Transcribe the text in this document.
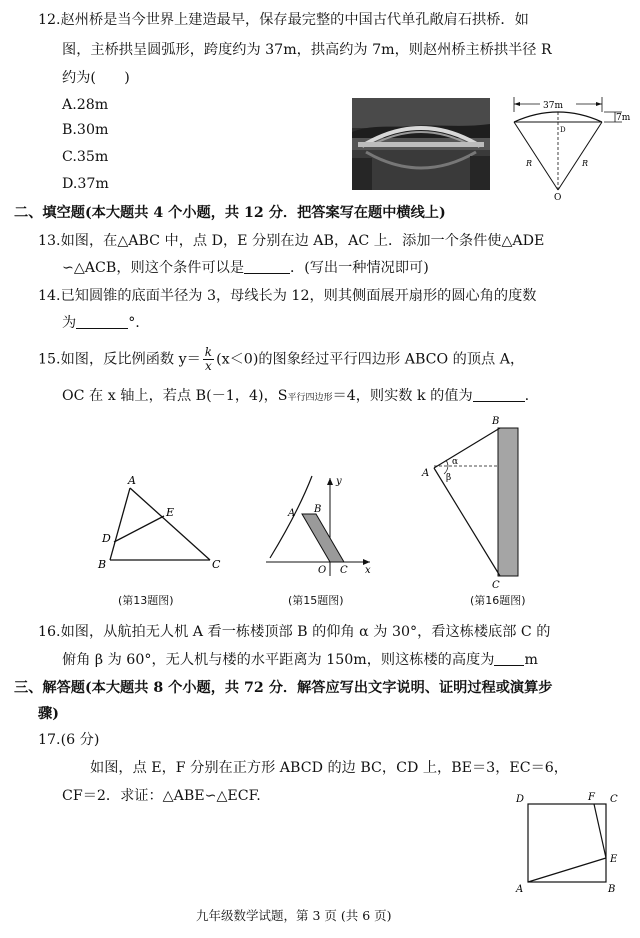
12.赵州桥是当今世界上建造最早，保存最完整的中国古代单孔敞肩石拱桥．如
图，主桥拱呈圆弧形，跨度约为 37m，拱高约为 7m，则赵州桥主桥拱半径 R
约为(　　)
A.28m
B.30m
C.35m
D.37m
37m
7m
D
R	R
O
二、填空题(本大题共 4 个小题，共 12 分．把答案写在题中横线上)
13.如图，在△ABC 中，点 D，E 分别在边 AB，AC 上．添加一个条件使△ADE
∽△ACB，则这个条件可以是	．(写出一种情况即可)
14.已知圆锥的底面半径为 3，母线长为 12，则其侧面展开扇形的圆心角的度数
为	°.
15.如图，反比例函数 $y= \frac{k}{x} (x<0)$的图象经过平行四边形 ABCO 的顶点 A，
OC 在 x 轴上，若点 B(－1，4)，S平行四边形＝4，则实数 k 的值为	.
A
E
D
B	C
(第13题图)
y
A B
O C x
(第15题图)
B
A
α
β
C
(第16题图)
16.如图，从航拍无人机 A 看一栋楼顶部 B 的仰角 α 为 30°，看这栋楼底部 C 的
俯角 β 为 60°，无人机与楼的水平距离为 150m，则这栋楼的高度为 m
三、解答题(本大题共 8 个小题，共 72 分．解答应写出文字说明、证明过程或演算步
骤)
17.(6 分)
如图，点 E，F 分别在正方形 ABCD 的边 BC，CD 上，BE＝3，EC＝6，
CF＝2．求证：△ABE∽△ECF.	D	F C
E
A	B
九年级数学试题，第 3 页 (共 6 页)
